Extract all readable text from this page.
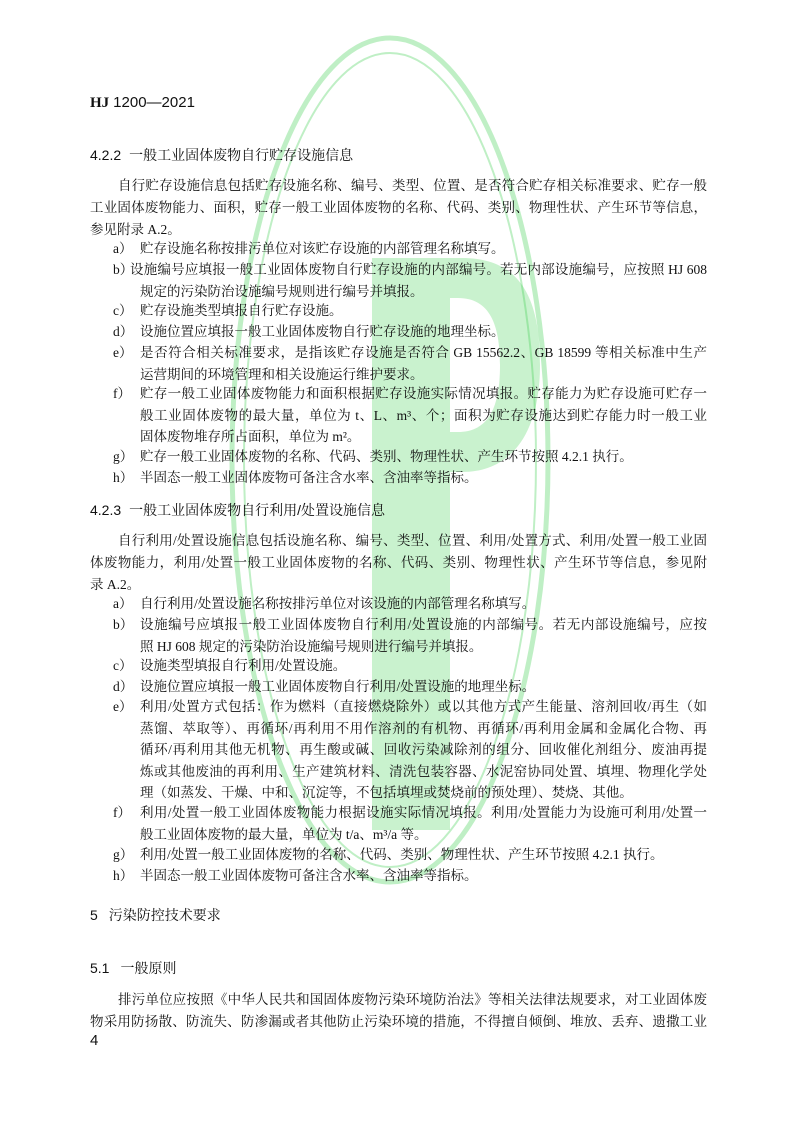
HJ 1200—2021
4.2.2 一般工业固体废物自行贮存设施信息
自行贮存设施信息包括贮存设施名称、编号、类型、位置、是否符合贮存相关标准要求、贮存一般
工业固体废物能力、面积，贮存一般工业固体废物的名称、代码、类别、物理性状、产生环节等信息，
参见附录 A.2。
a） 贮存设施名称按排污单位对该贮存设施的内部管理名称填写。
b）
设施编号应填报一般工业固体废物自行贮存设施的内部编号。若无内部设施编号，应按照 HJ 608
规定的污染防治设施编号规则进行编号并填报。
c） 贮存设施类型填报自行贮存设施。
d） 设施位置应填报一般工业固体废物自行贮存设施的地理坐标。
e） 是否符合相关标准要求，是指该贮存设施是否符合 GB 15562.2、GB 18599 等相关标准中生产
运营期间的环境管理和相关设施运行维护要求。
f） 贮存一般工业固体废物能力和面积根据贮存设施实际情况填报。贮存能力为贮存设施可贮存一
般工业固体废物的最大量，单位为 t、L、m³、个；面积为贮存设施达到贮存能力时一般工业
固体废物堆存所占面积，单位为 m²。
g） 贮存一般工业固体废物的名称、代码、类别、物理性状、产生环节按照 4.2.1 执行。
h） 半固态一般工业固体废物可备注含水率、含油率等指标。
4.2.3 一般工业固体废物自行利用/处置设施信息
自行利用/处置设施信息包括设施名称、编号、类型、位置、利用/处置方式、利用/处置一般工业固
体废物能力，利用/处置一般工业固体废物的名称、代码、类别、物理性状、产生环节等信息，参见附
录 A.2。
a） 自行利用/处置设施名称按排污单位对该设施的内部管理名称填写。
b） 设施编号应填报一般工业固体废物自行利用/处置设施的内部编号。若无内部设施编号，应按
照 HJ 608 规定的污染防治设施编号规则进行编号并填报。
c） 设施类型填报自行利用/处置设施。
d） 设施位置应填报一般工业固体废物自行利用/处置设施的地理坐标。
e） 利用/处置方式包括：作为燃料（直接燃烧除外）或以其他方式产生能量、溶剂回收/再生（如
蒸馏、萃取等）、再循环/再利用不用作溶剂的有机物、再循环/再利用金属和金属化合物、再
循环/再利用其他无机物、再生酸或碱、回收污染减除剂的组分、回收催化剂组分、废油再提
炼或其他废油的再利用、生产建筑材料、清洗包装容器、水泥窑协同处置、填埋、物理化学处
理（如蒸发、干燥、中和、沉淀等，不包括填埋或焚烧前的预处理）、焚烧、其他。
f） 利用/处置一般工业固体废物能力根据设施实际情况填报。利用/处置能力为设施可利用/处置一
般工业固体废物的最大量，单位为 t/a、m³/a 等。
g） 利用/处置一般工业固体废物的名称、代码、类别、物理性状、产生环节按照 4.2.1 执行。
h） 半固态一般工业固体废物可备注含水率、含油率等指标。
5 污染防控技术要求
5.1 一般原则
排污单位应按照《中华人民共和国固体废物污染环境防治法》等相关法律法规要求，对工业固体废
物采用防扬散、防流失、防渗漏或者其他防止污染环境的措施，不得擅自倾倒、堆放、丢弃、遗撒工业
4
